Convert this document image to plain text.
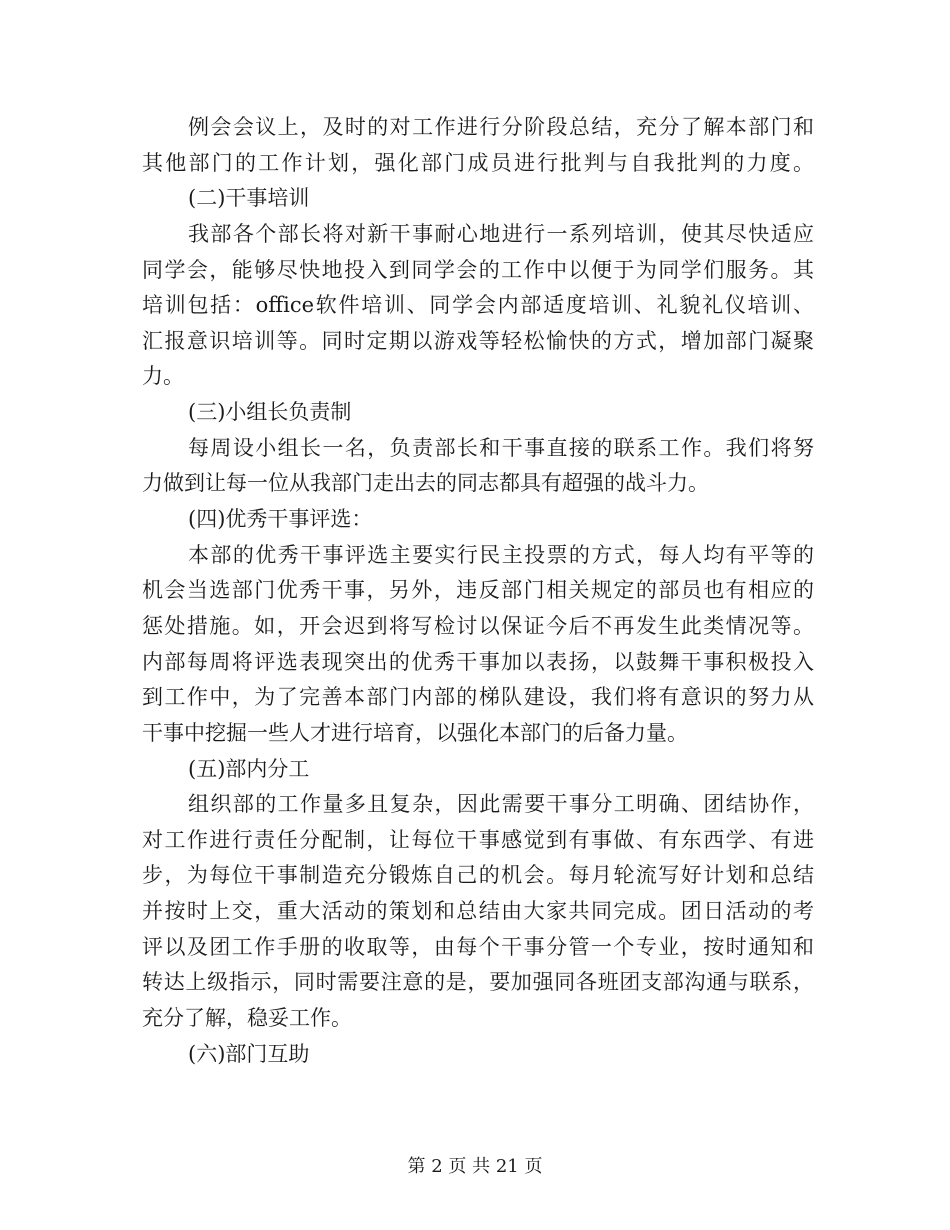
例会会议上，及时的对工作进行分阶段总结，充分了解本部门和
其他部门的工作计划，强化部门成员进行批判与自我批判的力度。
(二)干事培训
我部各个部长将对新干事耐心地进行一系列培训，使其尽快适应
同学会，能够尽快地投入到同学会的工作中以便于为同学们服务。其
培训包括：office软件培训、同学会内部适度培训、礼貌礼仪培训、
汇报意识培训等。同时定期以游戏等轻松愉快的方式，增加部门凝聚
力。
(三)小组长负责制
每周设小组长一名，负责部长和干事直接的联系工作。我们将努
力做到让每一位从我部门走出去的同志都具有超强的战斗力。
(四)优秀干事评选：
本部的优秀干事评选主要实行民主投票的方式，每人均有平等的
机会当选部门优秀干事，另外，违反部门相关规定的部员也有相应的
惩处措施。如，开会迟到将写检讨以保证今后不再发生此类情况等。
内部每周将评选表现突出的优秀干事加以表扬，以鼓舞干事积极投入
到工作中，为了完善本部门内部的梯队建设，我们将有意识的努力从
干事中挖掘一些人才进行培育，以强化本部门的后备力量。
(五)部内分工
组织部的工作量多且复杂，因此需要干事分工明确、团结协作，
对工作进行责任分配制，让每位干事感觉到有事做、有东西学、有进
步，为每位干事制造充分锻炼自己的机会。每月轮流写好计划和总结
并按时上交，重大活动的策划和总结由大家共同完成。团日活动的考
评以及团工作手册的收取等，由每个干事分管一个专业，按时通知和
转达上级指示，同时需要注意的是，要加强同各班团支部沟通与联系，
充分了解，稳妥工作。
(六)部门互助
第 2 页 共 21 页
